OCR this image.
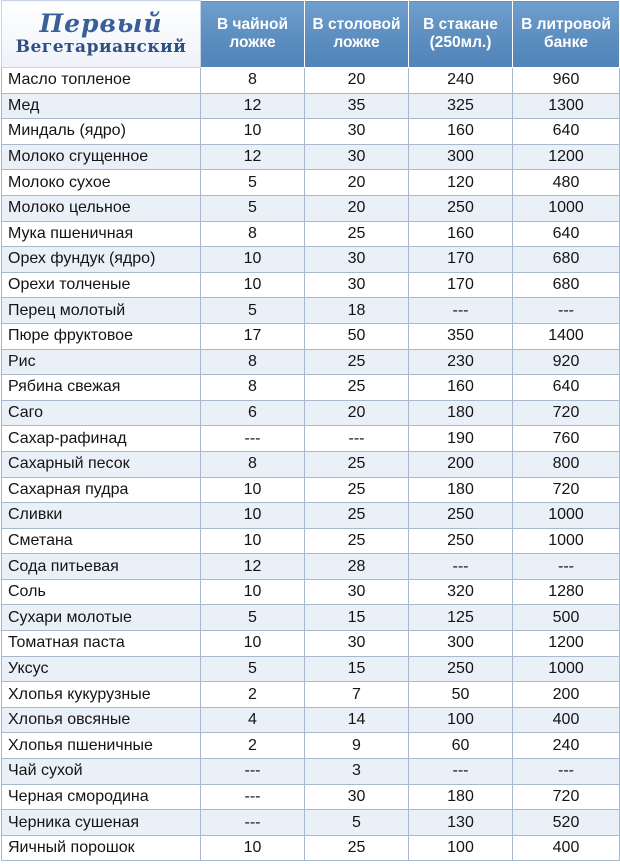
Первый
Вегетарианский	В чайной ложке	В столовой ложке	В стакане (250мл.)	В литровой банке
Масло топленое	8	20	240	960
Мед	12	35	325	1300
Миндаль (ядро)	10	30	160	640
Молоко сгущенное	12	30	300	1200
Молоко сухое	5	20	120	480
Молоко цельное	5	20	250	1000
Мука пшеничная	8	25	160	640
Орех фундук (ядро)	10	30	170	680
Орехи толченые	10	30	170	680
Перец молотый	5	18	---	---
Пюре фруктовое	17	50	350	1400
Рис	8	25	230	920
Рябина свежая	8	25	160	640
Саго	6	20	180	720
Сахар-рафинад	---	---	190	760
Сахарный песок	8	25	200	800
Сахарная пудра	10	25	180	720
Сливки	10	25	250	1000
Сметана	10	25	250	1000
Сода питьевая	12	28	---	---
Соль	10	30	320	1280
Сухари молотые	5	15	125	500
Томатная паста	10	30	300	1200
Уксус	5	15	250	1000
Хлопья кукурузные	2	7	50	200
Хлопья овсяные	4	14	100	400
Хлопья пшеничные	2	9	60	240
Чай сухой	---	3	---	---
Черная смородина	---	30	180	720
Черника сушеная	---	5	130	520
Яичный порошок	10	25	100	400
